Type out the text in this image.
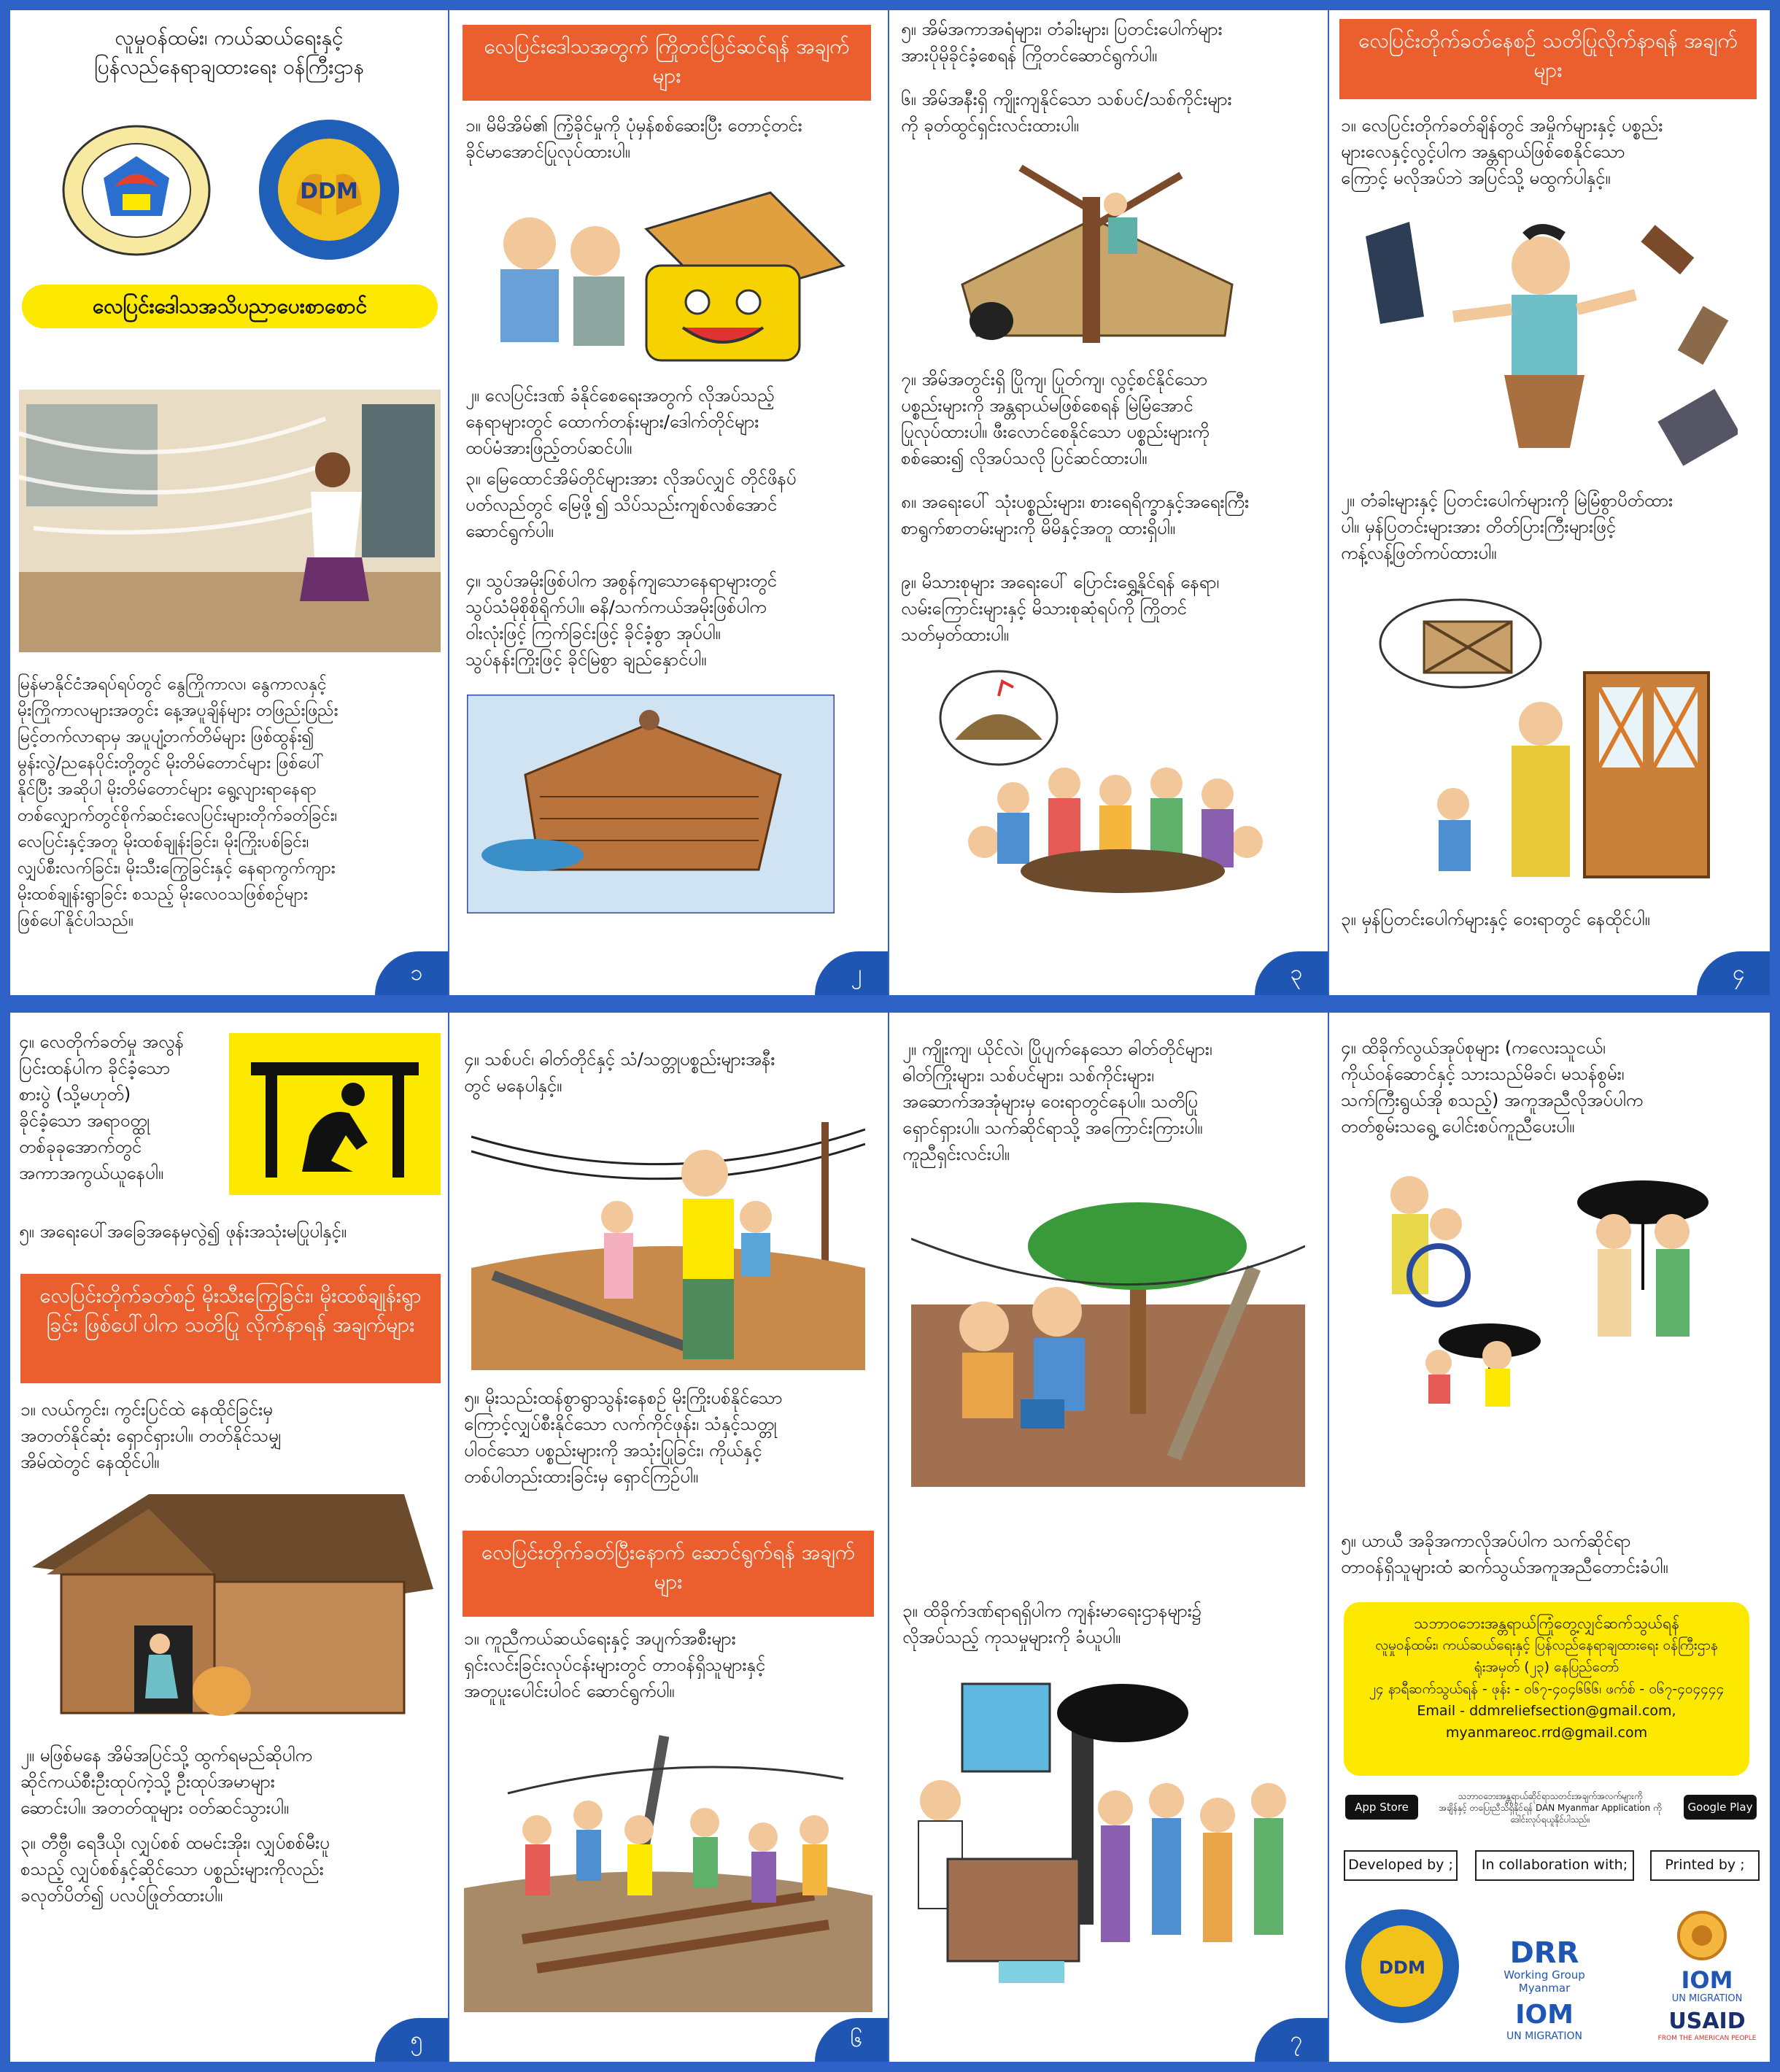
လူမှုဝန်ထမ်း၊ ကယ်ဆယ်ရေးနှင့်
ပြန်လည်နေရာချထားရေး ၀န်ကြီးဌာန
DDM
လေပြင်းဒေါသအသိပညာပေးစာစောင်
မြန်မာနိုင်ငံအရပ်ရပ်တွင် နွေကြိုကာလ၊ နွေကာလနှင့်
မိုးကြိုကာလများအတွင်း နေ့အပူချိန်များ တဖြည်းဖြည်း
မြင့်တက်လာရာမှ အပူပျံ့တက်တိမ်များ ဖြစ်ထွန်း၍
မွန်းလွဲ/ညနေပိုင်းတို့တွင် မိုးတိမ်တောင်များ ဖြစ်ပေါ်
နိုင်ပြီး အဆိုပါ မိုးတိမ်တောင်များ ရွေ့လျားရာနေရာ
တစ်လျှောက်တွင်စိုက်ဆင်းလေပြင်းများတိုက်ခတ်ခြင်း၊
လေပြင်းနှင့်အတူ မိုးထစ်ချုန်းခြင်း၊ မိုးကြိုးပစ်ခြင်း၊
လျှပ်စီးလက်ခြင်း၊ မိုးသီးကြွေခြင်းနှင့် နေရာကွက်ကျား
မိုးထစ်ချုန်းရွာခြင်း စသည့် မိုးလေ၀သဖြစ်စဉ်များ
ဖြစ်ပေါ်နိုင်ပါသည်။
၁
လေပြင်းဒေါသအတွက် ကြိုတင်ပြင်ဆင်ရန် အချက်များ
၁။ မိမိအိမ်၏ ကြံ့ခိုင်မှုကို ပုံမှန်စစ်ဆေးပြီး တောင့်တင်း
ခိုင်မာအောင်ပြုလုပ်ထားပါ။
၂။ လေပြင်းဒဏ် ခံနိုင်စေရေးအတွက် လိုအပ်သည့်
နေရာများတွင် ထောက်တန်းများ/ဒေါက်တိုင်များ
ထပ်မံအားဖြည့်တပ်ဆင်ပါ။
၃။ မြေထောင်အိမ်တိုင်များအား လိုအပ်လျှင် တိုင်ဖိနပ်
ပတ်လည်တွင် မြေဖို့၍ သိပ်သည်းကျစ်လစ်အောင်
ဆောင်ရွက်ပါ။
၄။ သွပ်အမိုးဖြစ်ပါက အစွန်ကျသောနေရာများတွင်
သွပ်သံမိုစိုစိုရိုက်ပါ။ ဓနိ/သက်ကယ်အမိုးဖြစ်ပါက
၀ါးလုံးဖြင့် ကြက်ခြင်းဖြင့် ခိုင်ခံ့စွာ အုပ်ပါ။
သွပ်နန်းကြိုးဖြင့် ခိုင်မြဲစွာ ချည်နှောင်ပါ။
၂
၅။ အိမ်အကာအရံများ၊ တံခါးများ၊ ပြတင်းပေါက်များ
အားပိုမိုခိုင်ခံ့စေရန် ကြိုတင်ဆောင်ရွက်ပါ။
၆။ အိမ်အနီးရှိ ကျိုးကျနိုင်သော သစ်ပင်/သစ်ကိုင်းများ
ကို ခုတ်ထွင်ရှင်းလင်းထားပါ။
၇။ အိမ်အတွင်းရှိ ပြိုကျ၊ ပြုတ်ကျ၊ လွင့်စင်နိုင်သော
ပစ္စည်းများကို အန္တရာယ်မဖြစ်စေရန် မြဲမြံအောင်
ပြုလုပ်ထားပါ။ ဖီးလောင်စေနိုင်သော ပစ္စည်းများကို
စစ်ဆေး၍ လိုအပ်သလို ပြင်ဆင်ထားပါ။
၈။ အရေးပေါ် သုံးပစ္စည်းများ၊ စားရေရိက္ခာနှင့်အရေးကြီး
စာရွက်စာတမ်းများကို မိမိနှင့်အတူ ထားရှိပါ။
၉။ မိသားစုများ အရေးပေါ် ပြောင်းရွှေ့နိုင်ရန် နေရာ၊
လမ်းကြောင်းများနှင့် မိသားစုဆုံရပ်ကို ကြိုတင်
သတ်မှတ်ထားပါ။
၃
လေပြင်းတိုက်ခတ်နေစဉ် သတိပြုလိုက်နာရန် အချက်များ
၁။ လေပြင်းတိုက်ခတ်ချိန်တွင် အမှိုက်များနှင့် ပစ္စည်း
များလေနှင့်လွင့်ပါက အန္တရာယ်ဖြစ်စေနိုင်သော
ကြောင့် မလိုအပ်ဘဲ အပြင်သို့ မထွက်ပါနှင့်။
၂။ တံခါးများနှင့် ပြတင်းပေါက်များကို မြဲမြံစွာပိတ်ထား
ပါ။ မှန်ပြတင်းများအား တိတ်ပြားကြီးများဖြင့်
ကန့်လန့်ဖြတ်ကပ်ထားပါ။
၃။ မှန်ပြတင်းပေါက်များနှင့် ဝေးရာတွင် နေထိုင်ပါ။
၄
၄။ လေတိုက်ခတ်မှု အလွန်
ပြင်းထန်ပါက ခိုင်ခံ့သော
စားပွဲ (သို့မဟုတ်)
ခိုင်ခံ့သော အရာဝတ္ထု
တစ်ခုခုအောက်တွင်
အကာအကွယ်ယူနေပါ။
၅။ အရေးပေါ်အခြေအနေမှလွဲ၍ ဖုန်းအသုံးမပြုပါနှင့်။
လေပြင်းတိုက်ခတ်စဉ် မိုးသီးကြွေခြင်း၊ မိုးထစ်ချုန်းရွာခြင်း ဖြစ်ပေါ်ပါက သတိပြု လိုက်နာရန် အချက်များ
၁။ လယ်ကွင်း၊ ကွင်းပြင်ထဲ နေထိုင်ခြင်းမှ
အတတ်နိုင်ဆုံး ရှောင်ရှားပါ။ တတ်နိုင်သမျှ
အိမ်ထဲတွင် နေထိုင်ပါ။
၂။ မဖြစ်မနေ အိမ်အပြင်သို့ ထွက်ရမည်ဆိုပါက
ဆိုင်ကယ်စီးဦးထုပ်ကဲ့သို့ ဦးထုပ်အမာများ
ဆောင်းပါ။ အတတ်ထူများ ဝတ်ဆင်သွားပါ။
၃။ တီဗွီ၊ ရေဒီယို၊ လျှပ်စစ် ထမင်းအိုး၊ လျှပ်စစ်မီးပူ
စသည့် လျှပ်စစ်နှင့်ဆိုင်သော ပစ္စည်းများကိုလည်း
ခလုတ်ပိတ်၍ ပလပ်ဖြုတ်ထားပါ။
၅
၄။ သစ်ပင်၊ ဓါတ်တိုင်နှင့် သံ/သတ္တုပစ္စည်းများအနီး
တွင် မနေပါနှင့်။
၅။ မိုးသည်းထန်စွာရွာသွန်းနေစဉ် မိုးကြိုးပစ်နိုင်သော
ကြောင့်လျှပ်စီးနိုင်သော လက်ကိုင်ဖုန်း၊ သံနှင့်သတ္တု
ပါဝင်သော ပစ္စည်းများကို အသုံးပြုခြင်း၊ ကိုယ်နှင့်
တစ်ပါတည်းထားခြင်းမှ ရှောင်ကြဉ်ပါ။
လေပြင်းတိုက်ခတ်ပြီးနောက် ဆောင်ရွက်ရန် အချက်များ
၁။ ကူညီကယ်ဆယ်ရေးနှင့် အပျက်အစီးများ
ရှင်းလင်းခြင်းလုပ်ငန်းများတွင် တာဝန်ရှိသူများနှင့်
အတူပူးပေါင်းပါဝင် ဆောင်ရွက်ပါ။
၆
၂။ ကျိုးကျ၊ ယိုင်လဲ၊ ပြိုပျက်နေသော ဓါတ်တိုင်များ၊
ဓါတ်ကြိုးများ၊ သစ်ပင်များ၊ သစ်ကိုင်းများ၊
အဆောက်အအုံများမှ ဝေးရာတွင်နေပါ။ သတိပြု
ရှောင်ရှားပါ။ သက်ဆိုင်ရာသို့ အကြောင်းကြားပါ။
ကူညီရှင်းလင်းပါ။
၃။ ထိခိုက်ဒဏ်ရာရရှိပါက ကျန်းမာရေးဌာနများ၌
လိုအပ်သည့် ကုသမှုများကို ခံယူပါ။
၇
၄။ ထိခိုက်လွယ်အုပ်စုများ (ကလေးသူငယ်၊
ကိုယ်ဝန်ဆောင်နှင့် သားသည်မိခင်၊ မသန်စွမ်း၊
သက်ကြီးရွယ်အို စသည့်) အကူအညီလိုအပ်ပါက
တတ်စွမ်းသရွေ့ ပေါင်းစပ်ကူညီပေးပါ။
၅။ ယာယီ အခိုအကာလိုအပ်ပါက သက်ဆိုင်ရာ
တာဝန်ရှိသူများထံ ဆက်သွယ်အကူအညီတောင်းခံပါ။
သဘာဝဘေးအန္တရာယ်ကြုံတွေ့လျှင်ဆက်သွယ်ရန်
လူမှုဝန်ထမ်း၊ ကယ်ဆယ်ရေးနှင့် ပြန်လည်နေရာချထားရေး ဝန်ကြီးဌာန
ရုံးအမှတ် (၂၃) နေပြည်တော်
၂၄ နာရီဆက်သွယ်ရန် - ဖုန်း - ၀၆၇-၄၀၄၆၆၆၊ ဖက်စ် - ၀၆၇-၄၀၄၄၄၄
Email - ddmreliefsection@gmail.com,
myanmareoc.rrd@gmail.com
App Store
သဘာဝဘေးအန္တရာယ်ဆိုင်ရာသတင်းအချက်အလက်များကို
အချိန်နှင့် တပြေးညီသိရှိနိုင်ရန် DAN Myanmar Application ကို
ဒေါင်းလုပ်ရယူနိုင်ပါသည်။
Google Play
Developed by ;	In collaboration with;	Printed by ;
DDM	DRR
Working Group
Myanmar
IOM
UN MIGRATION
IOM
UN MIGRATION
USAID
FROM THE AMERICAN PEOPLE
